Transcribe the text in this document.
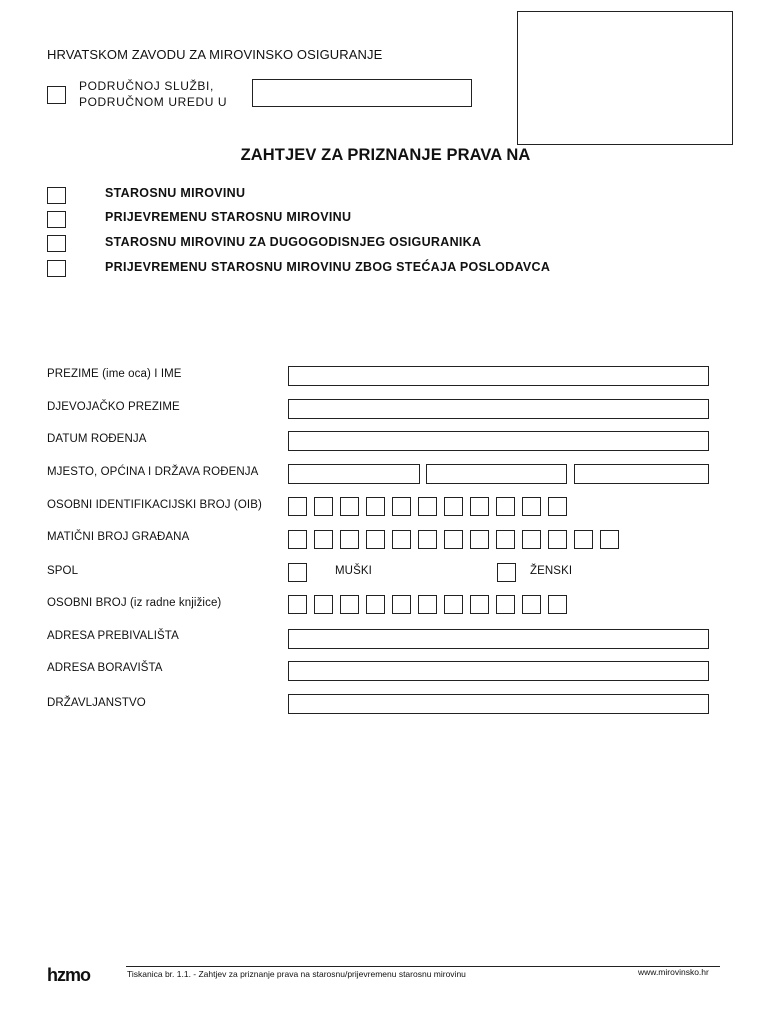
HRVATSKOM ZAVODU ZA MIROVINSKO OSIGURANJE
PODRUČNOJ SLUŽBI,
PODRUČNOM UREDU U
ZAHTJEV ZA PRIZNANJE PRAVA NA
STAROSNU MIROVINU
PRIJEVREMENU STAROSNU MIROVINU
STAROSNU MIROVINU ZA DUGOGODISNJEG OSIGURANIKA
PRIJEVREMENU STAROSNU MIROVINU ZBOG STEĆAJA POSLODAVCA
PREZIME (ime oca) I IME
DJEVOJAČKO PREZIME
DATUM ROĐENJA
MJESTO, OPĆINA I DRŽAVA ROĐENJA
OSOBNI IDENTIFIKACIJSKI BROJ (OIB)
MATIČNI BROJ GRAĐANA
SPOL	MUŠKI	ŽENSKI
OSOBNI BROJ (iz radne knjižice)
ADRESA PREBIVALIŠTA
ADRESA BORAVIŠTA
DRŽAVLJANSTVO
hzmo	Tiskanica br. 1.1. - Zahtjev za priznanje prava na starosnu/prijevremenu starosnu mirovinu	www.mirovinsko.hr
